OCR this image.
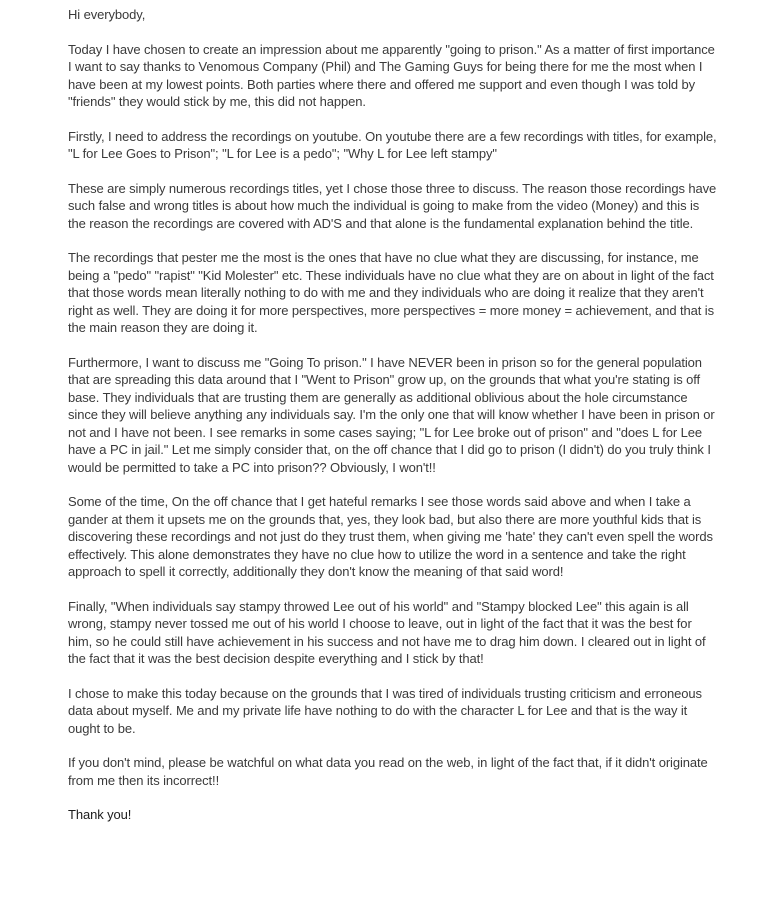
Hi everybody,

Today I have chosen to create an impression about me apparently "going to prison." As a matter of first importance I want to say thanks to Venomous Company (Phil) and The Gaming Guys for being there for me the most when I have been at my lowest points. Both parties where there and offered me support and even though I was told by "friends" they would stick by me, this did not happen.

Firstly, I need to address the recordings on youtube. On youtube there are a few recordings with titles, for example, "L for Lee Goes to Prison"; "L for Lee is a pedo"; "Why L for Lee left stampy"

These are simply numerous recordings titles, yet I chose those three to discuss. The reason those recordings have such false and wrong titles is about how much the individual is going to make from the video (Money) and this is the reason the recordings are covered with AD'S and that alone is the fundamental explanation behind the title.

The recordings that pester me the most is the ones that have no clue what they are discussing, for instance, me being a "pedo" "rapist" "Kid Molester" etc. These individuals have no clue what they are on about in light of the fact that those words mean literally nothing to do with me and they individuals who are doing it realize that they aren't right as well. They are doing it for more perspectives, more perspectives = more money = achievement, and that is the main reason they are doing it.

Furthermore, I want to discuss me "Going To prison." I have NEVER been in prison so for the general population that are spreading this data around that I "Went to Prison" grow up, on the grounds that what you're stating is off base. They individuals that are trusting them are generally as additional oblivious about the hole circumstance since they will believe anything any individuals say. I'm the only one that will know whether I have been in prison or not and I have not been. I see remarks in some cases saying; "L for Lee broke out of prison" and "does L for Lee have a PC in jail." Let me simply consider that, on the off chance that I did go to prison (I didn't) do you truly think I would be permitted to take a PC into prison?? Obviously, I won't!!

Some of the time, On the off chance that I get hateful remarks I see those words said above and when I take a gander at them it upsets me on the grounds that, yes, they look bad, but also there are more youthful kids that is discovering these recordings and not just do they trust them, when giving me 'hate' they can't even spell the words effectively. This alone demonstrates they have no clue how to utilize the word in a sentence and take the right approach to spell it correctly, additionally they don't know the meaning of that said word!

Finally, "When individuals say stampy throwed Lee out of his world" and "Stampy blocked Lee" this again is all wrong, stampy never tossed me out of his world I choose to leave, out in light of the fact that it was the best for him, so he could still have achievement in his success and not have me to drag him down. I cleared out in light of the fact that it was the best decision despite everything and I stick by that!

I chose to make this today because on the grounds that I was tired of individuals trusting criticism and erroneous data about myself. Me and my private life have nothing to do with the character L for Lee and that is the way it ought to be.

If you don't mind, please be watchful on what data you read on the web, in light of the fact that, if it didn't originate from me then its incorrect!!

Thank you!
